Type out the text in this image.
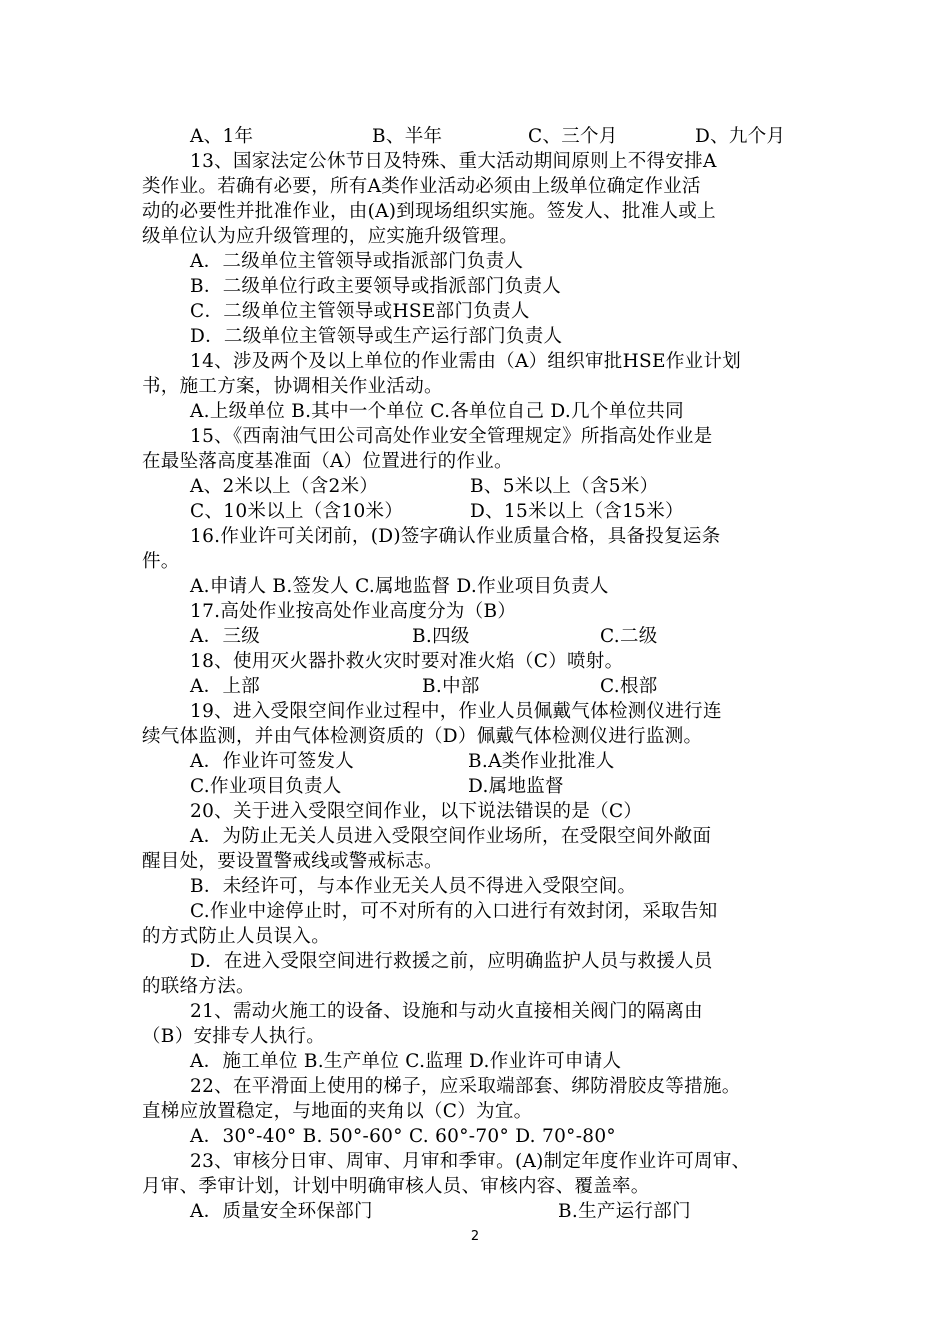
A、1年	B、半年	C、三个月	D、九个月
13、国家法定公休节日及特殊、重大活动期间原则上不得安排A
类作业。若确有必要，所有A类作业活动必须由上级单位确定作业活
动的必要性并批准作业，由(A)到现场组织实施。签发人、批准人或上
级单位认为应升级管理的，应实施升级管理。
A．二级单位主管领导或指派部门负责人
B．二级单位行政主要领导或指派部门负责人
C．二级单位主管领导或HSE部门负责人
D．二级单位主管领导或生产运行部门负责人
14、涉及两个及以上单位的作业需由（A）组织审批HSE作业计划
书，施工方案，协调相关作业活动。
A.上级单位 B.其中一个单位 C.各单位自己 D.几个单位共同
15、《西南油气田公司高处作业安全管理规定》所指高处作业是
在最坠落高度基准面（A）位置进行的作业。
A、2米以上（含2米）	B、5米以上（含5米）
C、10米以上（含10米）	D、15米以上（含15米）
16.作业许可关闭前，(D)签字确认作业质量合格，具备投复运条
件。
A.申请人 B.签发人 C.属地监督 D.作业项目负责人
17.高处作业按高处作业高度分为（B）
A．三级	B.四级	C.二级
18、使用灭火器扑救火灾时要对准火焰（C）喷射。
A．上部	B.中部	C.根部
19、进入受限空间作业过程中，作业人员佩戴气体检测仪进行连
续气体监测，并由气体检测资质的（D）佩戴气体检测仪进行监测。
A．作业许可签发人	B.A类作业批准人
C.作业项目负责人	D.属地监督
20、关于进入受限空间作业，以下说法错误的是（C）
A．为防止无关人员进入受限空间作业场所，在受限空间外敞面
醒目处，要设置警戒线或警戒标志。
B．未经许可，与本作业无关人员不得进入受限空间。
C.作业中途停止时，可不对所有的入口进行有效封闭，采取告知
的方式防止人员误入。
D．在进入受限空间进行救援之前，应明确监护人员与救援人员
的联络方法。
21、需动火施工的设备、设施和与动火直接相关阀门的隔离由
（B）安排专人执行。
A．施工单位 B.生产单位 C.监理 D.作业许可申请人
22、在平滑面上使用的梯子，应采取端部套、绑防滑胶皮等措施。
直梯应放置稳定，与地面的夹角以（C）为宜。
A．30°-40° B. 50°-60° C. 60°-70° D. 70°-80°
23、审核分日审、周审、月审和季审。(A)制定年度作业许可周审、
月审、季审计划，计划中明确审核人员、审核内容、覆盖率。
A．质量安全环保部门	B.生产运行部门
2
